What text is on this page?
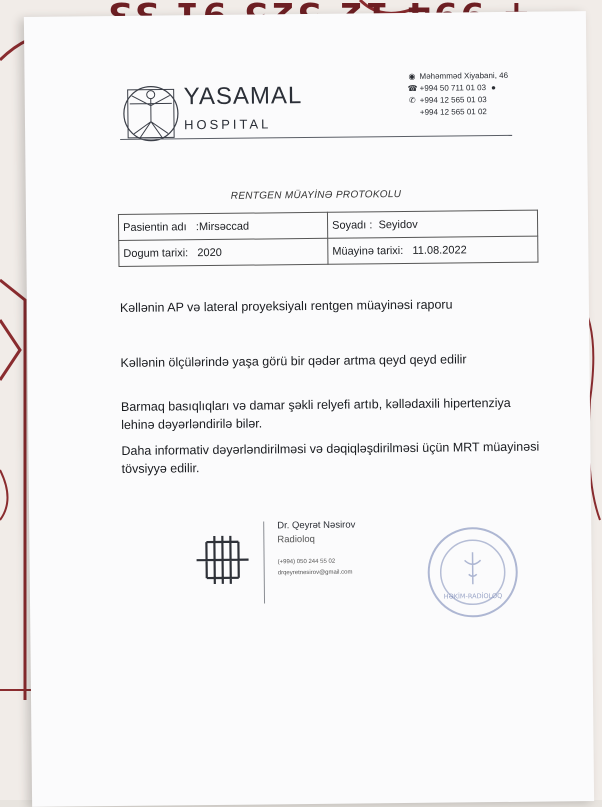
YASAMAL
HOSPITAL
◉ Məhəmməd Xiyabani, 46
☎ +994 50 711 01 03 ●
✆ +994 12 565 01 03
+994 12 565 01 02
RENTGEN MÜAYİNƏ PROTOKOLU
Pasientin adı :Mirsəccad	Soyadı : Seyidov
Dogum tarixi: 2020	Müayinə tarixi: 11.08.2022
Kəllənin AP və lateral proyeksiyalı rentgen müayinəsi raporu
Kəllənin ölçülərində yaşa görü bir qədər artma qeyd qeyd edilir
Barmaq basıqlıqları və damar şəkli relyefi artıb, kəllədaxili hipertenziya lehinə dəyərləndirilə bilər.
Daha informativ dəyərləndirilməsi və dəqiqləşdirilməsi üçün MRT müayinəsi tövsiyyə edilir.
Dr. Qeyrət Nəsirov
Radioloq
(+994) 050 244 55 02
drqeyretnesirov@gmail.com
HƏKİM-RADİOLOQ
